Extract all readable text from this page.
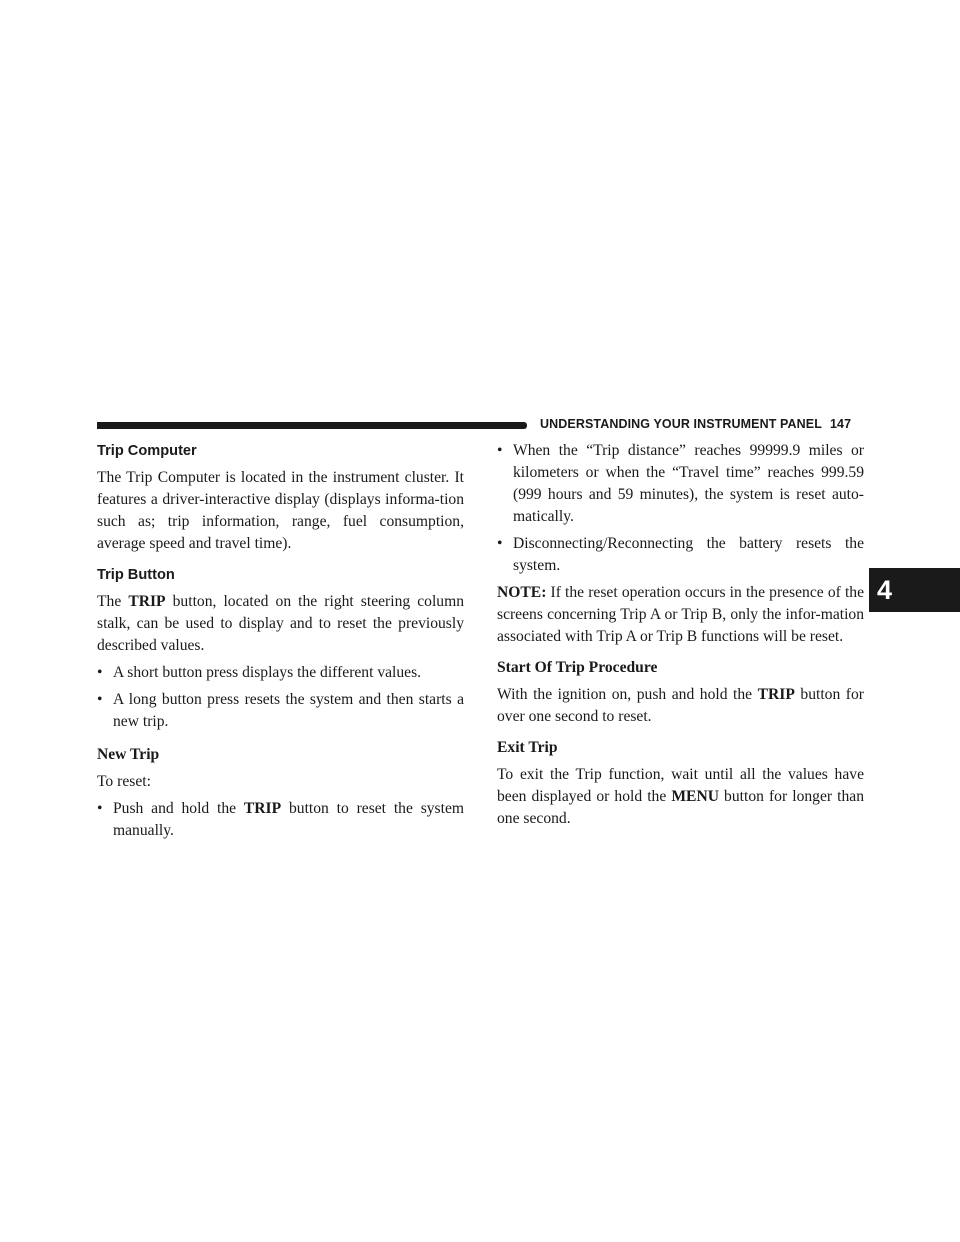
UNDERSTANDING YOUR INSTRUMENT PANEL 147
4
Trip Computer

The Trip Computer is located in the instrument cluster. It features a driver-interactive display (displays informa-tion such as; trip information, range, fuel consumption, average speed and travel time).

Trip Button

The TRIP button, located on the right steering column stalk, can be used to display and to reset the previously described values.

• A short button press displays the different values.

• A long button press resets the system and then starts a new trip.

New Trip

To reset:

• Push and hold the TRIP button to reset the system manually.

• When the “Trip distance” reaches 99999.9 miles or kilometers or when the “Travel time” reaches 999.59 (999 hours and 59 minutes), the system is reset auto-matically.

• Disconnecting/Reconnecting the battery resets the system.

NOTE: If the reset operation occurs in the presence of the screens concerning Trip A or Trip B, only the infor-mation associated with Trip A or Trip B functions will be reset.

Start Of Trip Procedure

With the ignition on, push and hold the TRIP button for over one second to reset.

Exit Trip

To exit the Trip function, wait until all the values have been displayed or hold the MENU button for longer than one second.
